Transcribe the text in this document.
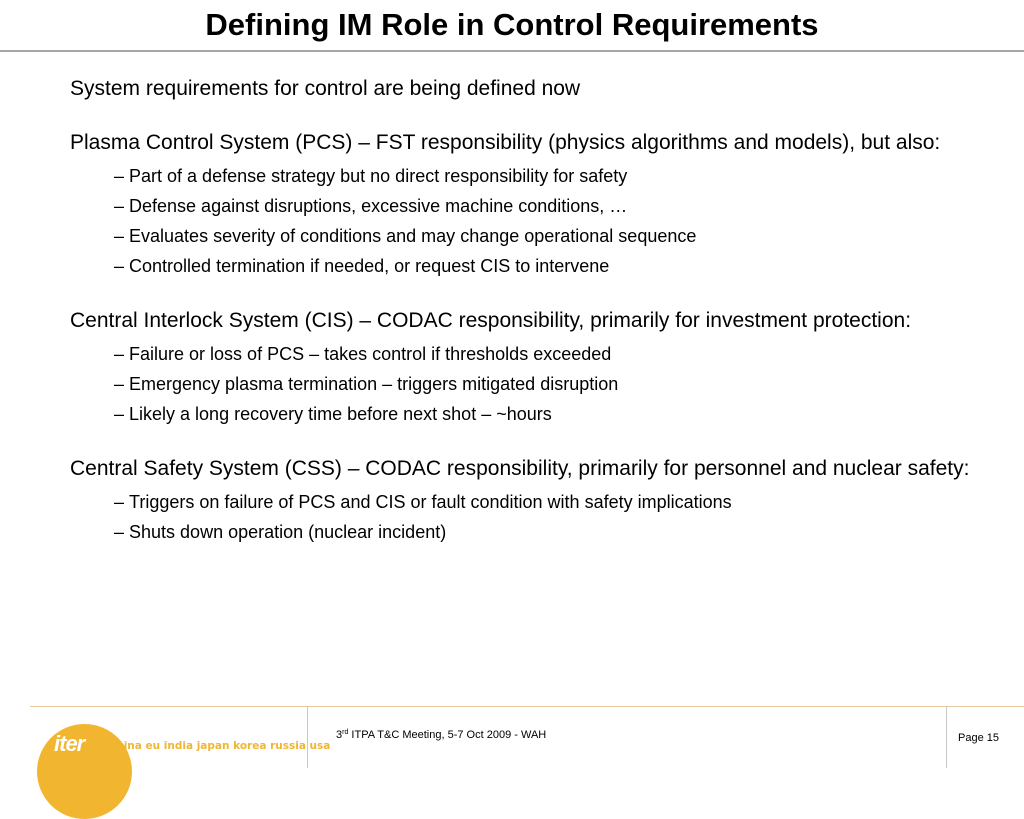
Defining IM Role in Control Requirements

System requirements for control are being defined now

Plasma Control System (PCS) – FST responsibility (physics algorithms and models), but also:

– Part of a defense strategy but no direct responsibility for safety
– Defense against disruptions, excessive machine conditions, …
– Evaluates severity of conditions and may change operational sequence
– Controlled termination if needed, or request CIS to intervene

Central Interlock System (CIS) – CODAC responsibility, primarily for investment protection:

– Failure or loss of PCS – takes control if thresholds exceeded
– Emergency plasma termination – triggers mitigated disruption
– Likely a long recovery time before next shot – ~hours

Central Safety System (CSS) – CODAC responsibility, primarily for personnel and nuclear safety:

– Triggers on failure of PCS and CIS or fault condition with safety implications
– Shuts down operation (nuclear incident)
iter china eu india japan korea russia usa
3rd ITPA T&C Meeting, 5-7 Oct 2009 - WAH	Page 15
